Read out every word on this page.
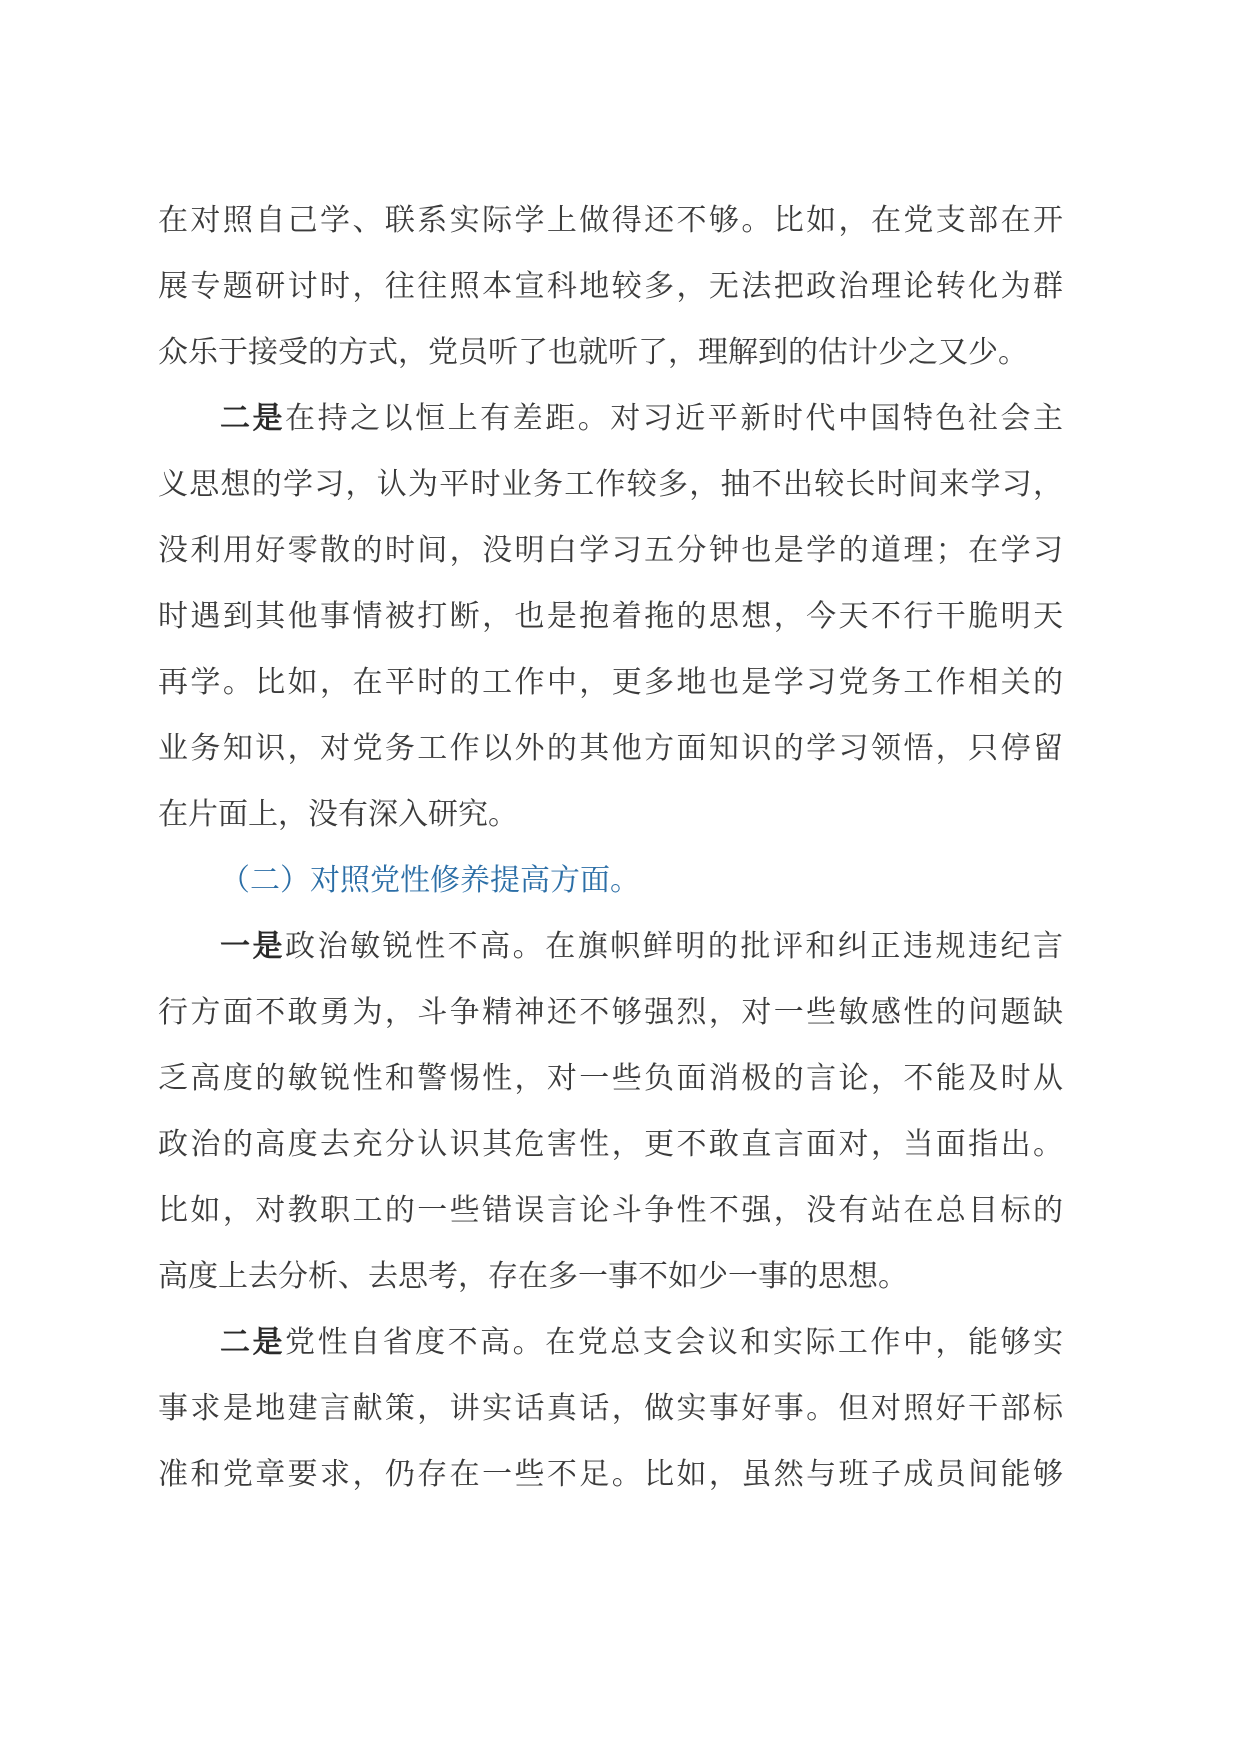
在对照自己学、联系实际学上做得还不够。比如，在党支部在开
展专题研讨时，往往照本宣科地较多，无法把政治理论转化为群
众乐于接受的方式，党员听了也就听了，理解到的估计少之又少。
二是在持之以恒上有差距。对习近平新时代中国特色社会主
义思想的学习，认为平时业务工作较多，抽不出较长时间来学习，
没利用好零散的时间，没明白学习五分钟也是学的道理；在学习
时遇到其他事情被打断，也是抱着拖的思想，今天不行干脆明天
再学。比如，在平时的工作中，更多地也是学习党务工作相关的
业务知识，对党务工作以外的其他方面知识的学习领悟，只停留
在片面上，没有深入研究。
（二）对照党性修养提高方面。
一是政治敏锐性不高。在旗帜鲜明的批评和纠正违规违纪言
行方面不敢勇为，斗争精神还不够强烈，对一些敏感性的问题缺
乏高度的敏锐性和警惕性，对一些负面消极的言论，不能及时从
政治的高度去充分认识其危害性，更不敢直言面对，当面指出。
比如，对教职工的一些错误言论斗争性不强，没有站在总目标的
高度上去分析、去思考，存在多一事不如少一事的思想。
二是党性自省度不高。在党总支会议和实际工作中，能够实
事求是地建言献策，讲实话真话，做实事好事。但对照好干部标
准和党章要求，仍存在一些不足。比如，虽然与班子成员间能够
